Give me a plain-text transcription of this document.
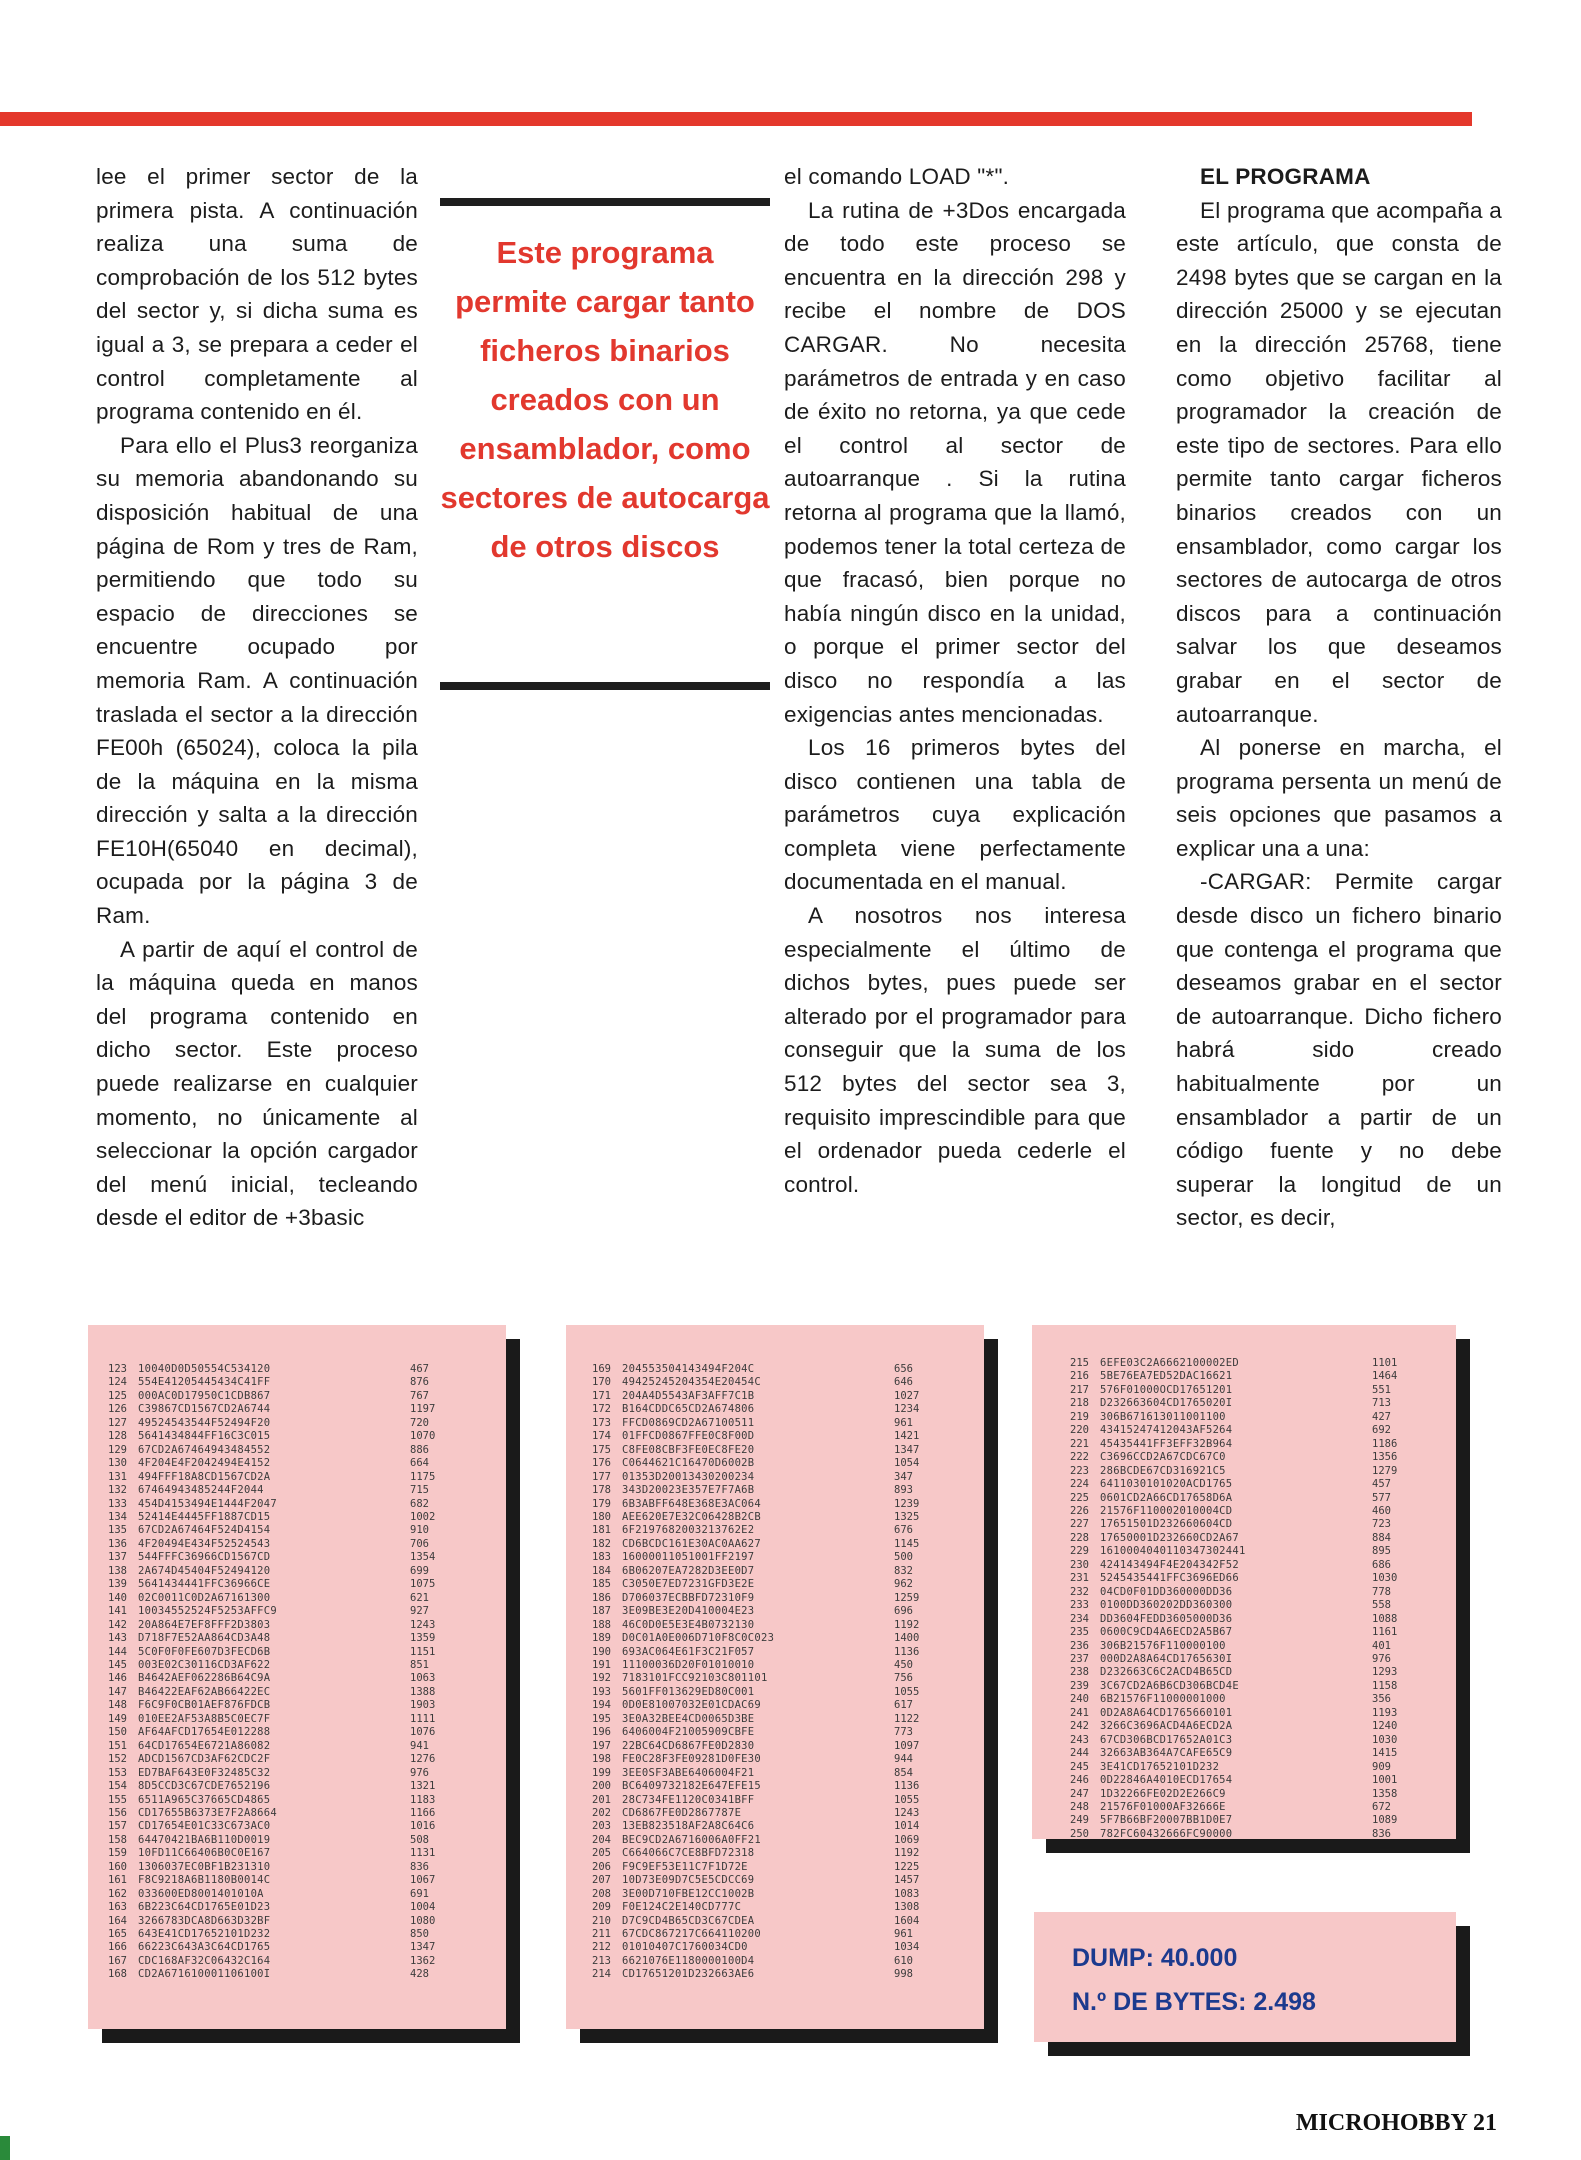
lee el primer sector de la primera pista. A continuación realiza una suma de comprobación de los 512 bytes del sector y, si dicha suma es igual a 3, se prepara a ceder el control completamente al programa contenido en él.

Para ello el Plus3 reorganiza su memoria abandonando su disposición habitual de una página de Rom y tres de Ram, permitiendo que todo su espacio de direcciones se encuentre ocupado por memoria Ram. A continuación traslada el sector a la dirección FE00h (65024), coloca la pila de la máquina en la misma dirección y salta a la dirección FE10H(65040 en decimal), ocupada por la página 3 de Ram.

A partir de aquí el control de la máquina queda en manos del programa contenido en dicho sector. Este proceso puede realizarse en cualquier momento, no únicamente al seleccionar la opción cargador del menú inicial, tecleando desde el editor de +3basic

Este programa permite cargar tanto ficheros binarios creados con un ensamblador, como sectores de autocarga de otros discos

el comando LOAD "*".

La rutina de +3Dos encargada de todo este proceso se encuentra en la dirección 298 y recibe el nombre de DOS CARGAR. No necesita parámetros de entrada y en caso de éxito no retorna, ya que cede el control al sector de autoarranque . Si la rutina retorna al programa que la llamó, podemos tener la total certeza de que fracasó, bien porque no había ningún disco en la unidad, o porque el primer sector del disco no respondía a las exigencias antes mencionadas.

Los 16 primeros bytes del disco contienen una tabla de parámetros cuya explicación completa viene perfectamente documentada en el manual.

A nosotros nos interesa especialmente el último de dichos bytes, pues puede ser alterado por el programador para conseguir que la suma de los 512 bytes del sector sea 3, requisito imprescindible para que el ordenador pueda cederle el control.

EL PROGRAMA

El programa que acompaña a este artículo, que consta de 2498 bytes que se cargan en la dirección 25000 y se ejecutan en la dirección 25768, tiene como objetivo facilitar al programador la creación de este tipo de sectores. Para ello permite tanto cargar ficheros binarios creados con un ensamblador, como cargar los sectores de autocarga de otros discos para a continuación salvar los que deseamos grabar en el sector de autoarranque.

Al ponerse en marcha, el programa persenta un menú de seis opciones que pasamos a explicar una a una:

-CARGAR: Permite cargar desde disco un fichero binario que contenga el programa que deseamos grabar en el sector de autoarranque. Dicho fichero habrá sido creado habitualmente por un ensamblador a partir de un código fuente y no debe superar la longitud de un sector, es decir,

123	10040D0D50554C534120	467
124	554E41205445434C41FF	876
125	000AC0D17950C1CDB867	767
126	C39867CD1567CD2A6744	1197
127	49524543544F52494F20	720
128	5641434844FF16C3C015	1070
129	67CD2A67464943484552	886
130	4F204E4F2042494E4152	664
131	494FFF18A8CD1567CD2A	1175
132	67464943485244F2044	715
133	454D4153494E1444F2047	682
134	52414E4445FF1887CD15	1002
135	67CD2A67464F524D4154	910
136	4F20494E434F52524543	706
137	544FFFC36966CD1567CD	1354
138	2A674D45404F52494120	699
139	5641434441FFC36966CE	1075
140	02C0011C0D2A67161300	621
141	10034552524F5253AFFC9	927
142	20A864E7EF8FFF2D3803	1243
143	D718F7E52AA864CD3A48	1359
144	5C0F0F0FE607D3FECD6B	1151
145	003E02C30116CD3AF622	851
146	B4642AEF062286B64C9A	1063
147	B46422EAF62AB66422EC	1388
148	F6C9F0CB01AEF876FDCB	1903
149	010EE2AF53A8B5C0EC7F	1111
150	AF64AFCD17654E012288	1076
151	64CD17654E6721A86082	941
152	ADCD1567CD3AF62CDC2F	1276
153	ED7BAF643E0F32485C32	976
154	8D5CCD3C67CDE7652196	1321
155	6511A965C37665CD4865	1183
156	CD17655B6373E7F2A8664	1166
157	CD17654E01C33C673AC0	1016
158	64470421BA6B110D0019	508
159	10FD11C66406B0C0E167	1131
160	1306037EC0BF1B231310	836
161	F8C9218A6B1180B0014C	1067
162	033600ED8001401010A	691
163	6B223C64CD1765E01D23	1004
164	3266783DCA8D663D32BF	1080
165	643E41CD17652101D232	850
166	66223C643A3C64CD1765	1347
167	CDC168AF32C06432C164	1362
168	CD2A671610001106100I	428
169	204553504143494F204C	656
170	49425245204354E20454C	646
171	204A4D5543AF3AFF7C1B	1027
172	B164CDDC65CD2A674806	1234
173	FFCD0869CD2A67100511	961
174	01FFCD0867FFE0C8F00D	1421
175	C8FE08CBF3FE0EC8FE20	1347
176	C0644621C16470D6002B	1054
177	01353D20013430200234	347
178	343D20023E357E7F7A6B	893
179	6B3ABFF648E368E3AC064	1239
180	AEE620E7E32C06428B2CB	1325
181	6F2197682003213762E2	676
182	CD6BCDC161E30AC0AA627	1145
183	16000011051001FF2197	500
184	6B06207EA7282D3EE0D7	832
185	C3050E7ED7231GFD3E2E	962
186	D706037ECBBFD72310F9	1259
187	3E09BE3E20D410004E23	696
188	46C0D0E5E3E4B0732130	1192
189	D0C01A0E006D710F8C0C023	1400
190	693AC064E61F3C21F057	1136
191	11100036D20F01010010	450
192	7183101FCC92103C801101	756
193	5601FF013629ED80C001	1055
194	0D0E81007032E01CDAC69	617
195	3E0A32BEE4CD0065D3BE	1122
196	6406004F21005909CBFE	773
197	22BC64CD6867FE0D2830	1097
198	FE0C28F3FE09281D0FE30	944
199	3EE0SF3ABE6406004F21	854
200	BC6409732182E647EFE15	1136
201	28C734FE1120C0341BFF	1055
202	CD6867FE0D2867787E	1243
203	13EB823518AF2A8C64C6	1014
204	BEC9CD2A6716006A0FF21	1069
205	C664066C7CE8BFD72318	1192
206	F9C9EF53E11C7F1D72E	1225
207	10D73E09D7C5E5CDCC69	1457
208	3E00D710FBE12CC1002B	1083
209	F0E124C2E140CD777C	1308
210	D7C9CD4B65CD3C67CDEA	1604
211	67CDC867217C664110200	961
212	01010407C1760034CD0	1034
213	6621076E1180000100D4	610
214	CD17651201D232663AE6	998
215	6EFE03C2A6662100002ED	1101
216	5BE76EA7ED52DAC16621	1464
217	576F01000OCD17651201	551
218	D232663604CD1765020I	713
219	306B671613011001100	427
220	43415247412043AF5264	692
221	45435441FF3EFF32B964	1186
222	C3696CCD2A67CDC67C0	1356
223	286BCDE67CD316921C5	1279
224	6411030101020ACD1765	457
225	0601CD2A66CD17658D6A	577
226	21576F110002010004CD	460
227	17651501D232660604CD	723
228	17650001D232660CD2A67	884
229	1610004040110347302441	895
230	424143494F4E204342F52	686
231	5245435441FFC3696ED66	1030
232	04CD0F01DD360000DD36	778
233	0100DD360202DD360300	558
234	DD3604FEDD3605000D36	1088
235	0600C9CD4A6ECD2A5B67	1161
236	306B21576F110000100	401
237	000D2A8A64CD1765630I	976
238	D232663C6C2ACD4B65CD	1293
239	3C67CD2A6B6CD306BCD4E	1158
240	6B21576F11000001000	356
241	0D2A8A64CD1765660101	1193
242	3266C3696ACD4A6ECD2A	1240
243	67CD306BCD17652A01C3	1030
244	32663AB364A7CAFE65C9	1415
245	3E41CD17652101D232	909
246	0D22846A4010ECD17654	1001
247	1D32266FE02D2E266C9	1358
248	21576F01000AF32666E	672
249	5F7B66BF20007BB1D0E7	1089
250	782FC60432666FC90000	836
DUMP: 40.000
N.º DE BYTES: 2.498
MICROHOBBY 21
